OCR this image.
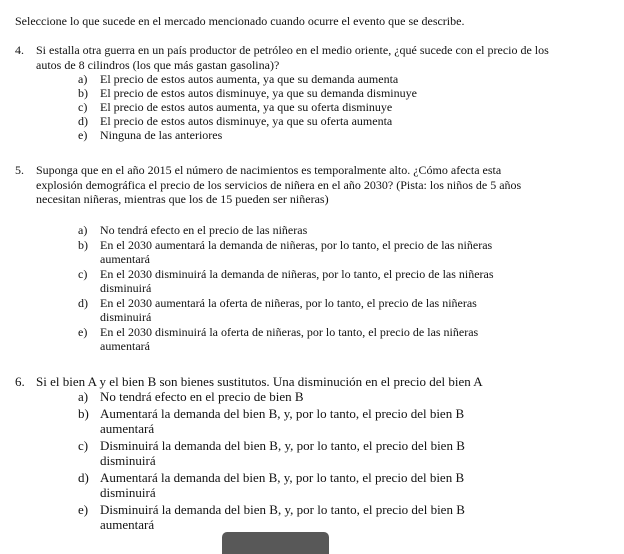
Seleccione lo que sucede en el mercado mencionado cuando ocurre el evento que se describe.
4.	Si estalla otra guerra en un país productor de petróleo en el medio oriente, ¿qué sucede con el precio de los autos de 8 cilindros (los que más gastan gasolina)?
a)	El precio de estos autos aumenta, ya que su demanda aumenta
b)	El precio de estos autos disminuye, ya que su demanda disminuye
c)	El precio de estos autos aumenta, ya que su oferta disminuye
d)	El precio de estos autos disminuye, ya que su oferta aumenta
e)	Ninguna de las anteriores
5.	Suponga que en el año 2015 el número de nacimientos es temporalmente alto. ¿Cómo afecta esta explosión demográfica el precio de los servicios de niñera en el año 2030? (Pista: los niños de 5 años necesitan niñeras, mientras que los de 15 pueden ser niñeras)
a)	No tendrá efecto en el precio de las niñeras
b)	En el 2030 aumentará la demanda de niñeras, por lo tanto, el precio de las niñeras aumentará
c)	En el 2030 disminuirá la demanda de niñeras, por lo tanto, el precio de las niñeras disminuirá
d)	En el 2030 aumentará la oferta de niñeras, por lo tanto, el precio de las niñeras disminuirá
e)	En el 2030 disminuirá la oferta de niñeras, por lo tanto, el precio de las niñeras aumentará
6. Si el bien A y el bien B son bienes sustitutos. Una disminución en el precio del bien A
a) No tendrá efecto en el precio de bien B
b) Aumentará la demanda del bien B, y, por lo tanto, el precio del bien B aumentará
c) Disminuirá la demanda del bien B, y, por lo tanto, el precio del bien B disminuirá
d) Aumentará la demanda del bien B, y, por lo tanto, el precio del bien B disminuirá
e) Disminuirá la demanda del bien B, y, por lo tanto, el precio del bien B aumentará
